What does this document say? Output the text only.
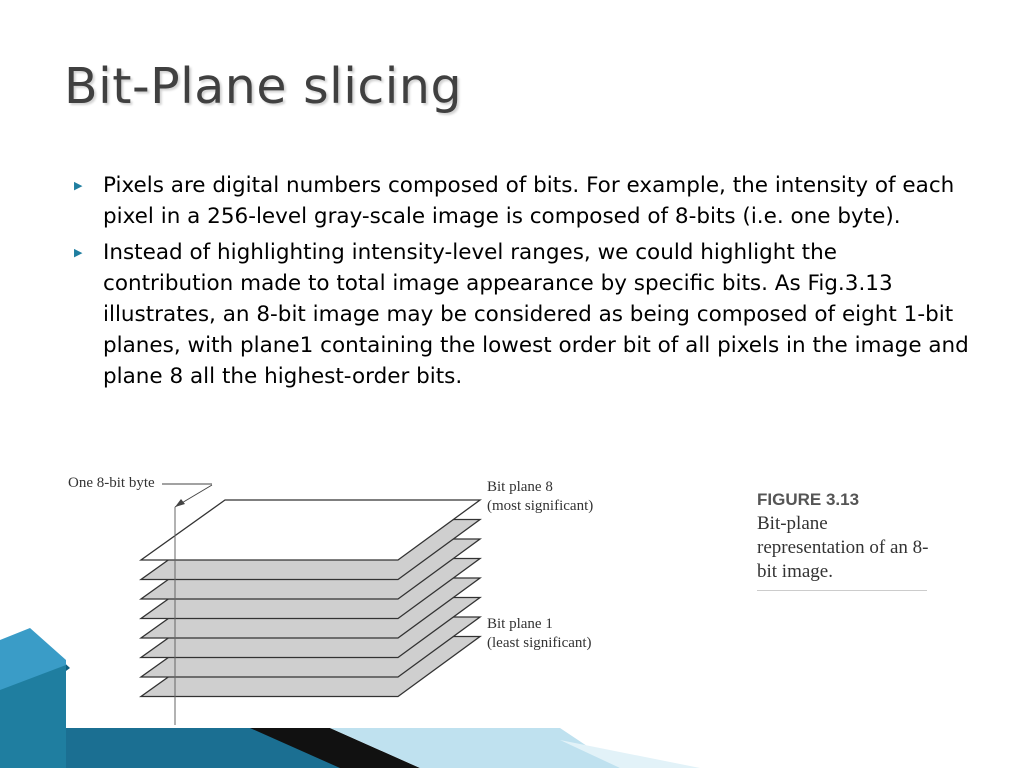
Bit-Plane slicing
▶ Pixels are digital numbers composed of bits. For example, the intensity of each pixel in a 256-level gray-scale image is composed of 8-bits (i.e. one byte).
▶ Instead of highlighting intensity-level ranges, we could highlight the contribution made to total image appearance by specific bits. As Fig.3.13 illustrates, an 8-bit image may be considered as being composed of eight 1-bit planes, with plane1 containing the lowest order bit of all pixels in the image and plane 8 all the highest-order bits.
One 8-bit byte	Bit plane 8
(most significant)
Bit plane 1
(least significant)
FIGURE 3.13
Bit-plane representation of an 8-bit image.
